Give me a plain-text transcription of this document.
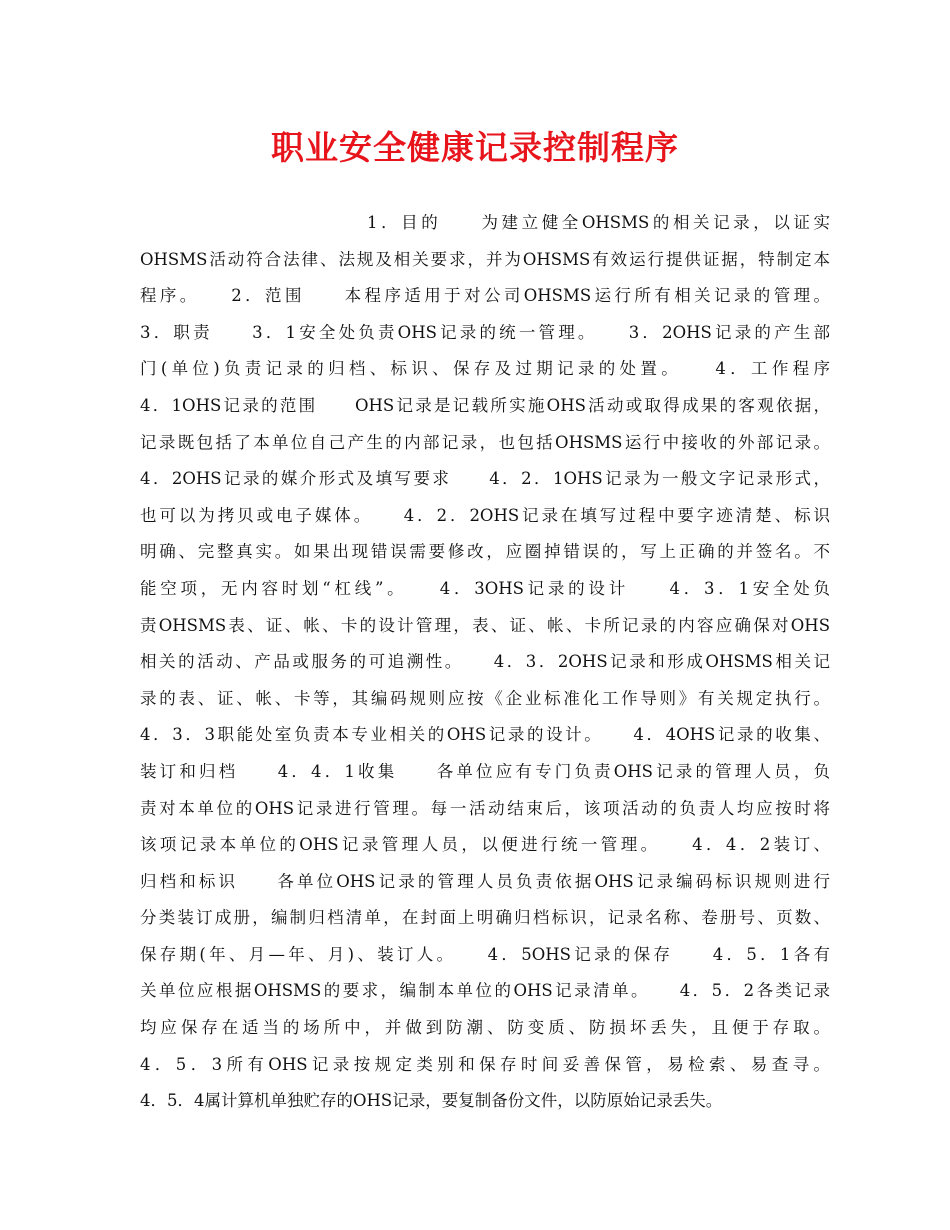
职业安全健康记录控制程序
1．目的　　为建立健全OHSMS的相关记录，以证实
OHSMS活动符合法律、法规及相关要求，并为OHSMS有效运行提供证据，特制定本
程序。　　2．范围　　本程序适用于对公司OHSMS运行所有相关记录的管理。
3．职责　　3．1安全处负责OHS记录的统一管理。　　3．2OHS记录的产生部
门(单位)负责记录的归档、标识、保存及过期记录的处置。　　4．工作程序
4．1OHS记录的范围　　OHS记录是记载所实施OHS活动或取得成果的客观依据，
记录既包括了本单位自己产生的内部记录，也包括OHSMS运行中接收的外部记录。
4．2OHS记录的媒介形式及填写要求　　4．2．1OHS记录为一般文字记录形式，
也可以为拷贝或电子媒体。　　4．2．2OHS记录在填写过程中要字迹清楚、标识
明确、完整真实。如果出现错误需要修改，应圈掉错误的，写上正确的并签名。不
能空项，无内容时划“杠线”。　　4．3OHS记录的设计　　4．3．1安全处负
责OHSMS表、证、帐、卡的设计管理，表、证、帐、卡所记录的内容应确保对OHS
相关的活动、产品或服务的可追溯性。　　4．3．2OHS记录和形成OHSMS相关记
录的表、证、帐、卡等，其编码规则应按《企业标准化工作导则》有关规定执行。
4．3．3职能处室负责本专业相关的OHS记录的设计。　　4．4OHS记录的收集、
装订和归档　　4．4．1收集　　各单位应有专门负责OHS记录的管理人员，负
责对本单位的OHS记录进行管理。每一活动结束后，该项活动的负责人均应按时将
该项记录本单位的OHS记录管理人员，以便进行统一管理。　　4．4．2装订、
归档和标识　　各单位OHS记录的管理人员负责依据OHS记录编码标识规则进行
分类装订成册，编制归档清单，在封面上明确归档标识，记录名称、卷册号、页数、
保存期(年、月—年、月)、装订人。　　4．5OHS记录的保存　　4．5．1各有
关单位应根据OHSMS的要求，编制本单位的OHS记录清单。　　4．5．2各类记录
均应保存在适当的场所中，并做到防潮、防变质、防损坏丢失，且便于存取。
4．5．3所有OHS记录按规定类别和保存时间妥善保管，易检索、易查寻。
4．5．4属计算机单独贮存的OHS记录，要复制备份文件，以防原始记录丢失。
